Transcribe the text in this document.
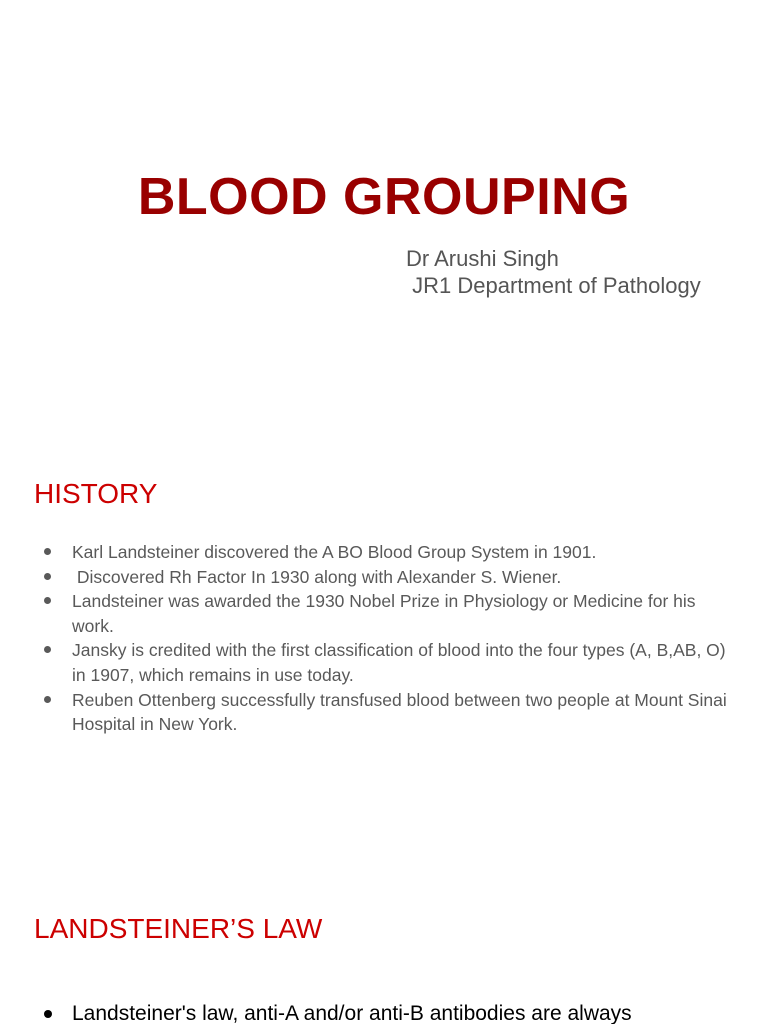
BLOOD GROUPING
Dr Arushi Singh
JR1 Department of Pathology
HISTORY
Karl Landsteiner discovered the A BO Blood Group System in 1901.
Discovered Rh Factor In 1930 along with Alexander S. Wiener.
Landsteiner was awarded the 1930 Nobel Prize in Physiology or Medicine for his work.
Jansky is credited with the first classification of blood into the four types (A, B,AB, O) in 1907, which remains in use today.
Reuben Ottenberg successfully transfused blood between two people at Mount Sinai Hospital in New York.
LANDSTEINER’S LAW
Landsteiner's law, anti-A and/or anti-B antibodies are always
